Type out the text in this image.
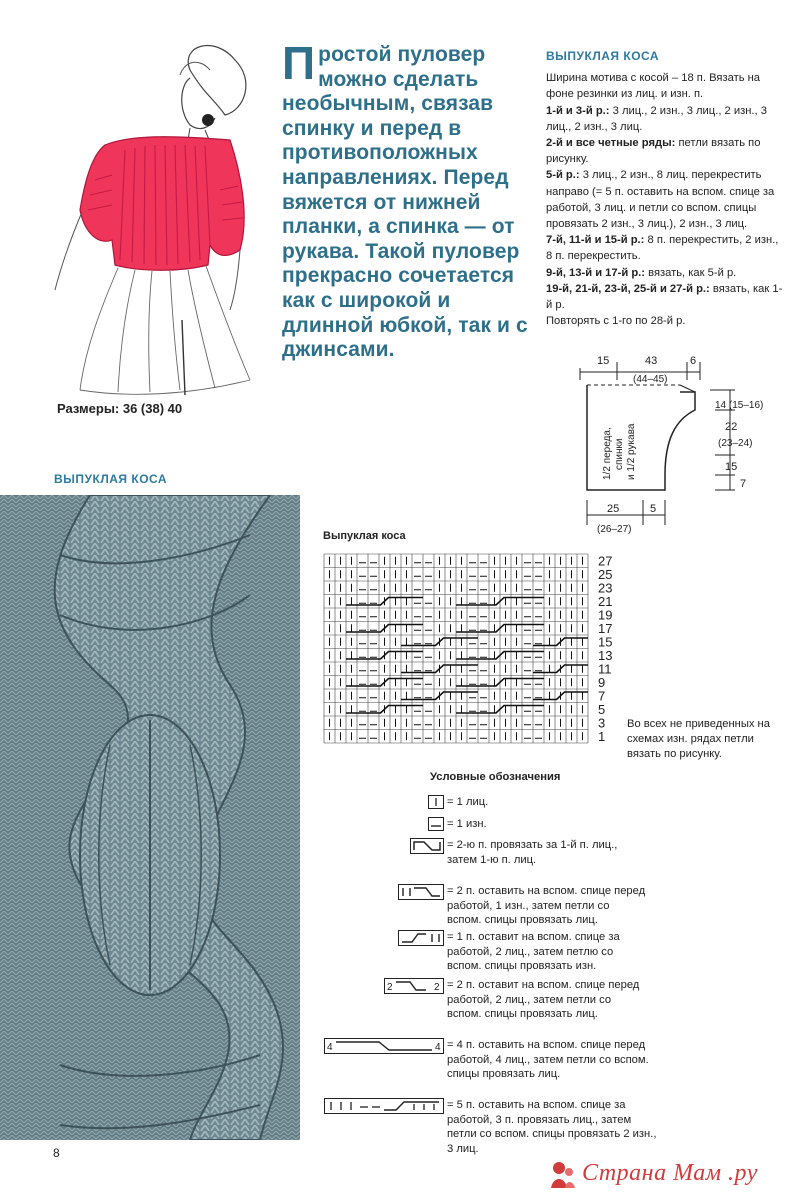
Размеры: 36 (38) 40
Простой пуловер можно сделать необычным, связав спинку и перед в противоположных направлениях. Перед вяжется от нижней планки, а спинка — от рукава. Такой пуловер прекрасно сочетается как с широкой и длинной юбкой, так и с джинсами.
ВЫПУКЛАЯ КОСА

Ширина мотива с косой – 18 п. Вязать на фоне резинки из лиц. и изн. п.

1-й и 3-й р.: 3 лиц., 2 изн., 3 лиц., 2 изн., 3 лиц., 2 изн., 3 лиц.

2-й и все четные ряды: петли вязать по рисунку.

5-й р.: 3 лиц., 2 изн., 8 лиц. перекрестить направо (= 5 п. оставить на вспом. спице за работой, 3 лиц. и петли со вспом. спицы провязать 2 изн., 3 лиц.), 2 изн., 3 лиц.

7-й, 11-й и 15-й р.: 8 п. перекрестить, 2 изн., 8 п. перекрестить.

9-й, 13-й и 17-й р.: вязать, как 5-й р.

19-й, 21-й, 23-й, 25-й и 27-й р.: вязать, как 1-й р.

Повторять с 1-го по 28-й р.

15	43
(44–45)
6
14 (15–16)
22
(23–24)
15
7
25
(26–27)
5
1/2 переда, спинки и 1/2 рукава
ВЫПУКЛАЯ КОСА
Выпуклая коса
27
25
23
21
19
17
15
13
11
9
7
5
3
1
Во всех не приведенных на схемах изн. рядах петли вязать по рисунку.
Условные обозначения
= 1 лиц.
= 1 изн.
= 2-ю п. провязать за 1-й п. лиц., затем 1-ю п. лиц.
= 2 п. оставить на вспом. спице перед работой, 1 изн., затем петли со вспом. спицы провязать лиц.
= 1 п. оставит на вспом. спице за работой, 2 лиц., затем петлю со вспом. спицы провязать изн.
2	2 = 2 п. оставит на вспом. спице перед работой, 2 лиц., затем петли со вспом. спицы провязать лиц.
4	4 = 4 п. оставить на вспом. спице перед работой, 4 лиц., затем петли со вспом. спицы провязать лиц.
= 5 п. оставить на вспом. спице за работой, 3 п. провязать лиц., затем петли со вспом. спицы провязать 2 изн., 3 лиц.
8
Страна Мам .ру
